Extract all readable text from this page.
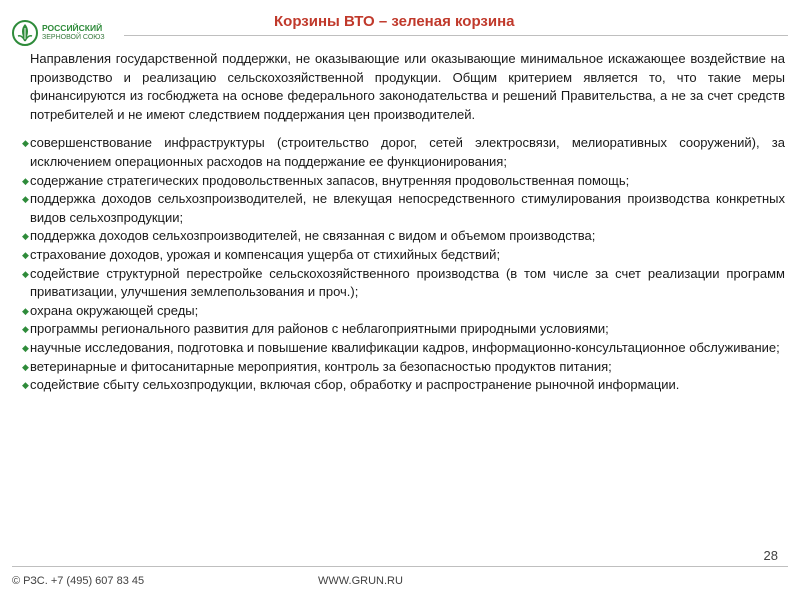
РОССИЙСКИЙ
ЗЕРНОВОЙ СОЮЗ
Корзины ВТО – зеленая корзина

Направления государственной поддержки, не оказывающие или оказывающие минимальное искажающее воздействие на производство и реализацию сельскохозяйственной продукции. Общим критерием является то, что такие меры финансируются из госбюджета на основе федерального законодательства и решений Правительства, а не за счет средств потребителей и не имеют следствием поддержания цен производителей.

◆ совершенствование инфраструктуры (строительство дорог, сетей электросвязи, мелиоративных сооружений), за исключением операционных расходов на поддержание ее функционирования;
◆ содержание стратегических продовольственных запасов, внутренняя продовольственная помощь;
◆ поддержка доходов сельхозпроизводителей, не влекущая непосредственного стимулирования производства конкретных видов сельхозпродукции;
◆ поддержка доходов сельхозпроизводителей, не связанная с видом и объемом производства;
◆ страхование доходов, урожая и компенсация ущерба от стихийных бедствий;
◆ содействие структурной перестройке сельскохозяйственного производства (в том числе за счет реализации программ приватизации, улучшения землепользования и проч.);
◆ охрана окружающей среды;
◆ программы регионального развития для районов с неблагоприятными природными условиями;
◆ научные исследования, подготовка и повышение квалификации кадров, информационно-консультационное обслуживание;
◆ ветеринарные и фитосанитарные мероприятия, контроль за безопасностью продуктов питания;
◆ содействие сбыту сельхозпродукции, включая сбор, обработку и распространение рыночной информации.
28
© РЗС. +7 (495) 607 83 45	WWW.GRUN.RU
